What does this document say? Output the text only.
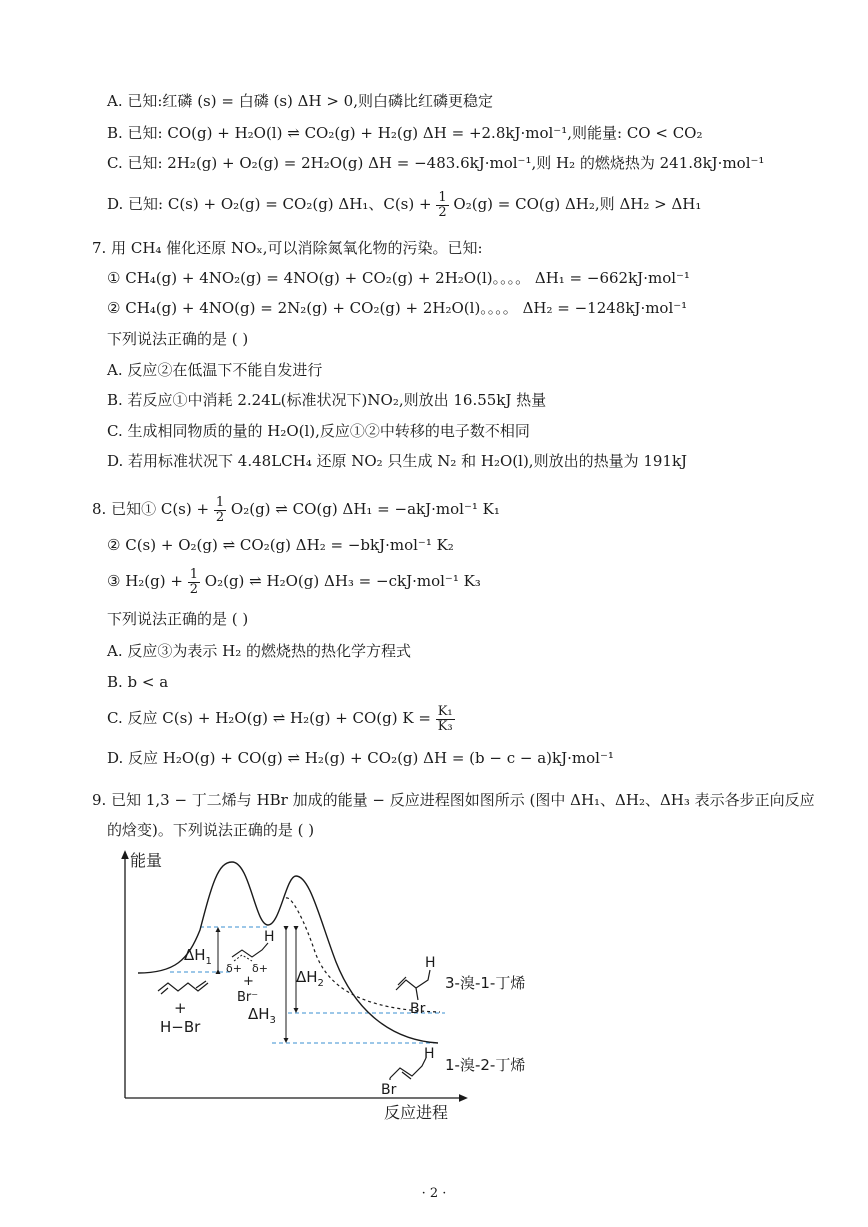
A. 已知:红磷 (s) = 白磷 (s) ΔH > 0,则白磷比红磷更稳定
B. 已知: CO(g) + H₂O(l) ⇌ CO₂(g) + H₂(g) ΔH = +2.8kJ·mol⁻¹,则能量: CO < CO₂
C. 已知: 2H₂(g) + O₂(g) = 2H₂O(g) ΔH = −483.6kJ·mol⁻¹,则 H₂ 的燃烧热为 241.8kJ·mol⁻¹
D. 已知: C(s) + O₂(g) = CO₂(g) ΔH₁、$C(s) + \frac{1}{2} O_2(g) = CO(g)$ ΔH₂,则 ΔH₂ > ΔH₁
7. 用 CH₄ 催化还原 NOₓ,可以消除氮氧化物的污染。已知:
① CH₄(g) + 4NO₂(g) = 4NO(g) + CO₂(g) + 2H₂O(l)。。。。 ΔH₁ = −662kJ·mol⁻¹
② CH₄(g) + 4NO(g) = 2N₂(g) + CO₂(g) + 2H₂O(l)。。。。 ΔH₂ = −1248kJ·mol⁻¹
下列说法正确的是 ( )
A. 反应②在低温下不能自发进行
B. 若反应①中消耗 2.24L(标准状况下)NO₂,则放出 16.55kJ 热量
C. 生成相同物质的量的 H₂O(l),反应①②中转移的电子数不相同
D. 若用标准状况下 4.48LCH₄ 还原 NO₂ 只生成 N₂ 和 H₂O(l),则放出的热量为 191kJ
8. 已知① $C(s) + \frac{1}{2} O_2(g)$ ⇌ CO(g) ΔH₁ = −akJ·mol⁻¹ K₁
② C(s) + O₂(g) ⇌ CO₂(g) ΔH₂ = −bkJ·mol⁻¹ K₂
③ $H_2(g) + \frac{1}{2} O_2(g)$ ⇌ H₂O(g) ΔH₃ = −ckJ·mol⁻¹ K₃
下列说法正确的是 ( )
A. 反应③为表示 H₂ 的燃烧热的热化学方程式
B. b < a
C. 反应 C(s) + H₂O(g) ⇌ H₂(g) + CO(g) $K = \frac{\text{K₁}}{\text{K₃}}$
D. 反应 H₂O(g) + CO(g) ⇌ H₂(g) + CO₂(g) ΔH = (b − c − a)kJ·mol⁻¹
9. 已知 1,3 − 丁二烯与 HBr 加成的能量 − 反应进程图如图所示 (图中 ΔH₁、ΔH₂、ΔH₃ 表示各步正向反应
的焓变)。下列说法正确的是 ( )
能量
反应进程
$\Delta H_1$
$\Delta H_2$
$\Delta H_3$
+
H−Br
H
δ+ δ+
+
Br⁻
H
Br
3-溴-1-丁烯
H
Br
1-溴-2-丁烯
· 2 ·
